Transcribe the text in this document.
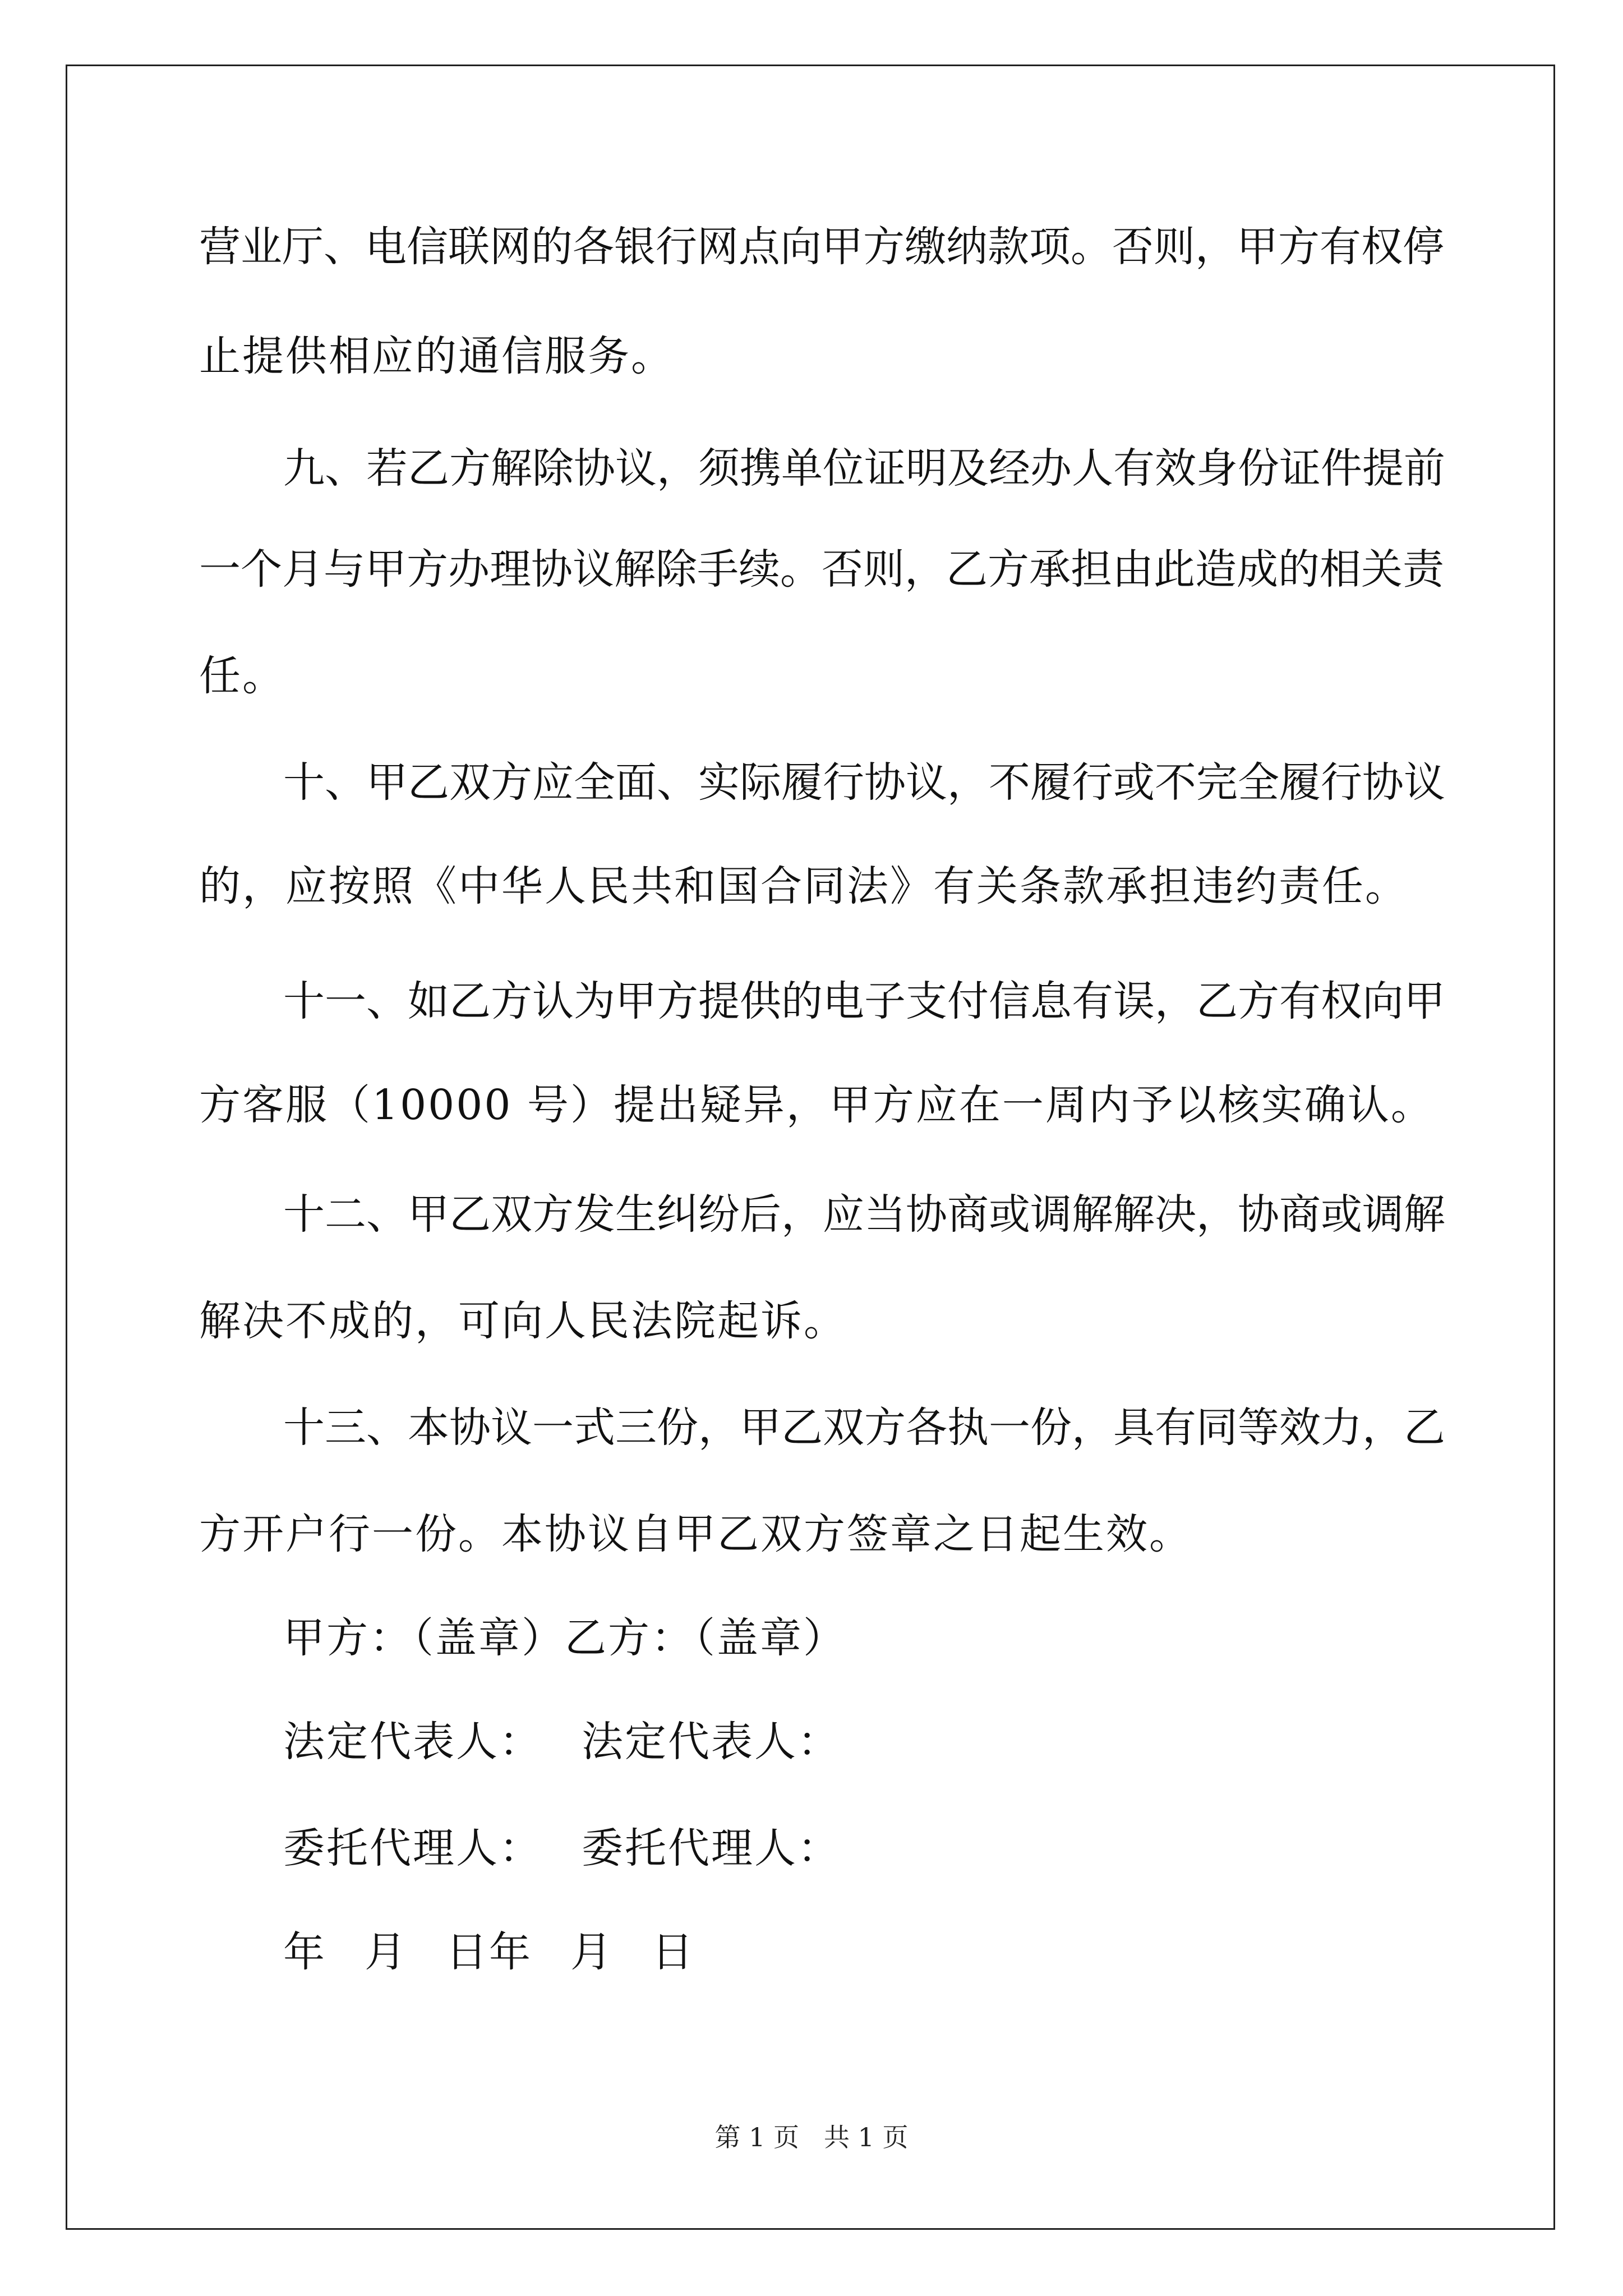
营业厅、电信联网的各银行网点向甲方缴纳款项。否则，甲方有权停
止提供相应的通信服务。
九、若乙方解除协议，须携单位证明及经办人有效身份证件提前
一个月与甲方办理协议解除手续。否则，乙方承担由此造成的相关责
任。
十、甲乙双方应全面、实际履行协议，不履行或不完全履行协议
的，应按照《中华人民共和国合同法》有关条款承担违约责任。
十一、如乙方认为甲方提供的电子支付信息有误，乙方有权向甲
方客服（10000 号）提出疑异，甲方应在一周内予以核实确认。
十二、甲乙双方发生纠纷后，应当协商或调解解决，协商或调解
解决不成的，可向人民法院起诉。
十三、本协议一式三份，甲乙双方各执一份，具有同等效力，乙
方开户行一份。本协议自甲乙双方签章之日起生效。
甲方：（盖章）乙方：（盖章）
法定代表人： 法定代表人：
委托代理人： 委托代理人：
年 月 日年 月 日
第 1 页 共 1 页
